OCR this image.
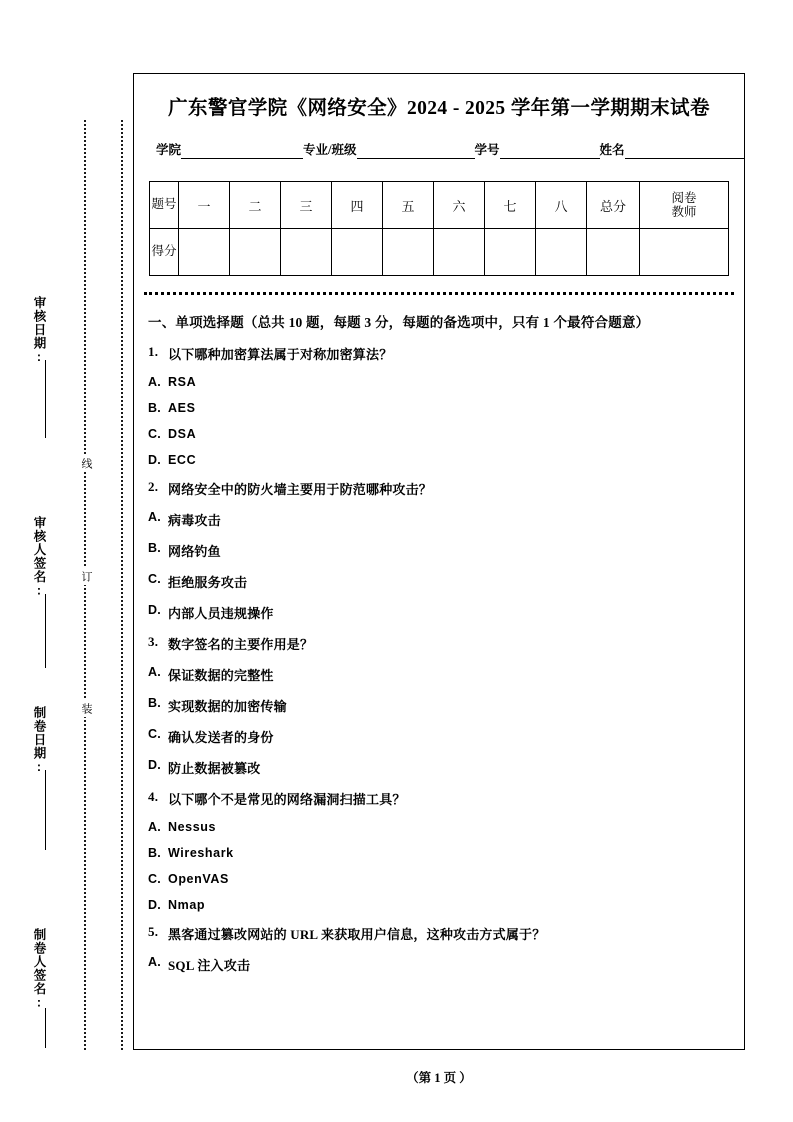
审核日期:
审核人签名:
制卷日期:
制卷人签名:
线
订
装
广东警官学院《网络安全》2024 - 2025 学年第一学期期末试卷
学院	专业/班级	学号	姓名
题号	一	二	三	四	五	六	七	八	总分	阅卷
教师
得分										
一、单项选择题（总共 10 题，每题 3 分，每题的备选项中，只有 1 个最符合题意）
1. 以下哪种加密算法属于对称加密算法？
A. RSA
B. AES
C. DSA
D. ECC
2. 网络安全中的防火墙主要用于防范哪种攻击？
A. 病毒攻击
B. 网络钓鱼
C. 拒绝服务攻击
D. 内部人员违规操作
3. 数字签名的主要作用是？
A. 保证数据的完整性
B. 实现数据的加密传输
C. 确认发送者的身份
D. 防止数据被篡改
4. 以下哪个不是常见的网络漏洞扫描工具？
A. Nessus
B. Wireshark
C. OpenVAS
D. Nmap
5. 黑客通过篡改网站的 URL 来获取用户信息，这种攻击方式属于？
A. SQL 注入攻击
（第 1 页 ）
